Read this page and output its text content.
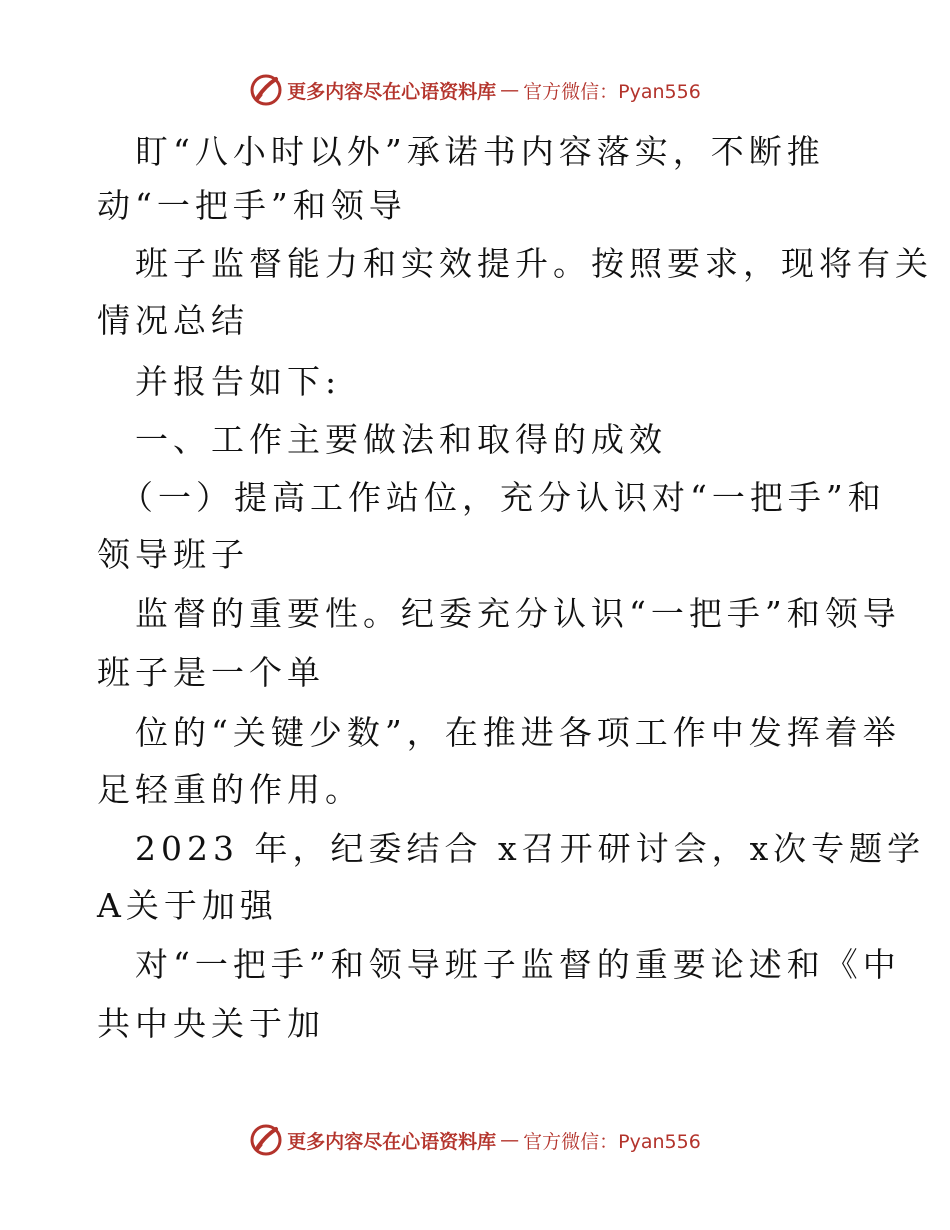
更多内容尽在心语资料库 — 官方微信：Pyan556
盯“八小时以外”承诺书内容落实，不断推
动“一把手”和领导
班子监督能力和实效提升。按照要求，现将有关
情况总结
并报告如下:
一、工作主要做法和取得的成效
（一）提高工作站位，充分认识对“一把手”和
领导班子
监督的重要性。纪委充分认识“一把手”和领导
班子是一个单
位的“关键少数”，在推进各项工作中发挥着举
足轻重的作用。
2023 年，纪委结合 x召开研讨会，x次专题学
A关于加强
对“一把手”和领导班子监督的重要论述和《中
共中央关于加
更多内容尽在心语资料库 — 官方微信：Pyan556
